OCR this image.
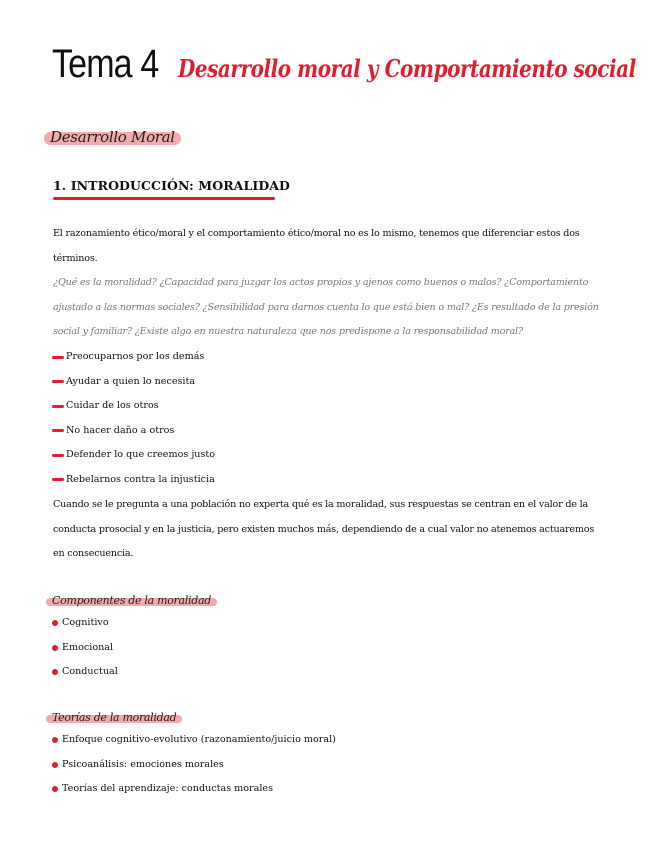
Tema 4 Desarrollo moral y Comportamiento social
Desarrollo Moral
1. INTRODUCCIÓN: MORALIDAD
El razonamiento ético/moral y el comportamiento ético/moral no es lo mismo, tenemos que diferenciar estos dos términos.
¿Qué es la moralidad? ¿Capacidad para juzgar los actos propios y ajenos como buenos o malos? ¿Comportamiento ajustado a las normas sociales? ¿Sensibilidad para darnos cuenta lo que está bien o mal? ¿Es resultado de la presión social y familiar? ¿Existe algo en nuestra naturaleza que nos predispone a la responsabilidad moral?
Preocuparnos por los demás
Ayudar a quien lo necesita
Cuidar de los otros
No hacer daño a otros
Defender lo que creemos justo
Rebelarnos contra la injusticia
Cuando se le pregunta a una población no experta qué es la moralidad, sus respuestas se centran en el valor de la conducta prosocial y en la justicia, pero existen muchos más, dependiendo de a cual valor no atenemos actuaremos en consecuencia.
Componentes de la moralidad
Cognitivo
Emocional
Conductual
Teorías de la moralidad
Enfoque cognitivo-evolutivo (razonamiento/juicio moral)
Psicoanálisis: emociones morales
Teorías del aprendizaje: conductas morales
